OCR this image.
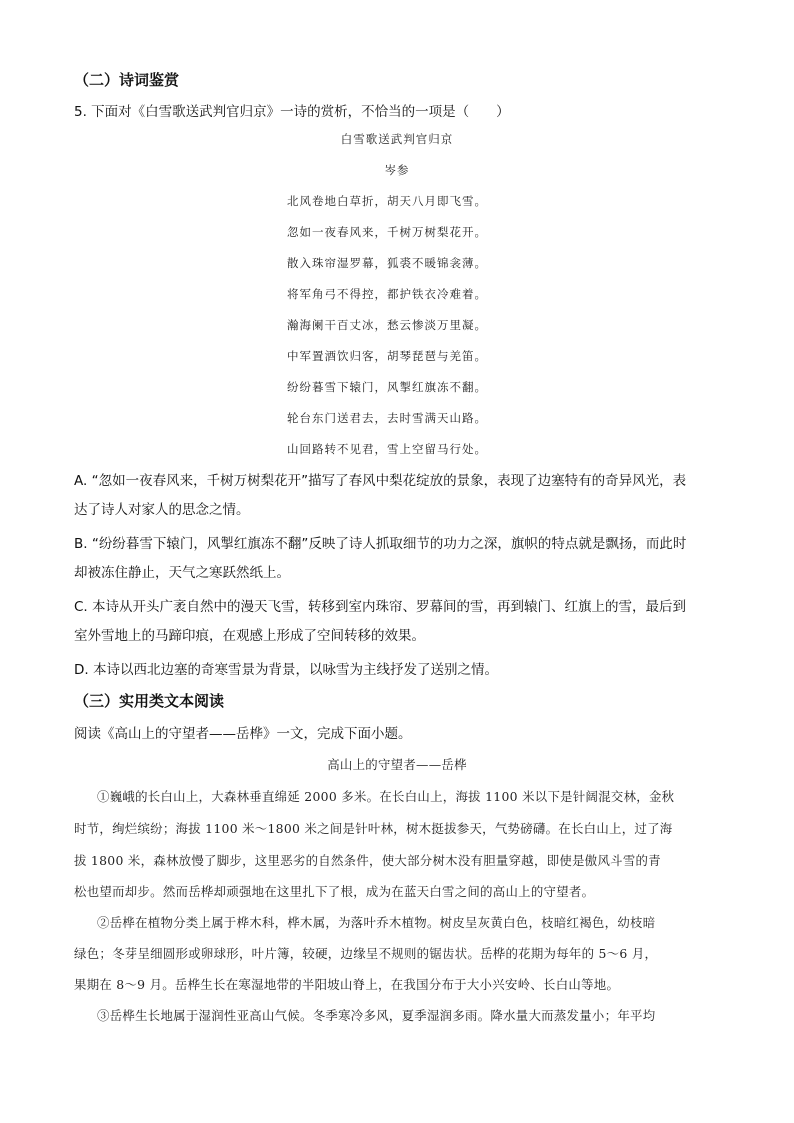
（二）诗词鉴赏
5. 下面对《白雪歌送武判官归京》一诗的赏析，不恰当的一项是（　　）
白雪歌送武判官归京
岑参
北风卷地白草折，胡天八月即飞雪。
忽如一夜春风来，千树万树梨花开。
散入珠帘湿罗幕，狐裘不暖锦衾薄。
将军角弓不得控，都护铁衣冷难着。
瀚海阑干百丈冰，愁云惨淡万里凝。
中军置酒饮归客，胡琴琵琶与羌笛。
纷纷暮雪下辕门，风掣红旗冻不翻。
轮台东门送君去，去时雪满天山路。
山回路转不见君，雪上空留马行处。
A. “忽如一夜春风来，千树万树梨花开”描写了春风中梨花绽放的景象，表现了边塞特有的奇异风光，表
达了诗人对家人的思念之情。
B. “纷纷暮雪下辕门，风掣红旗冻不翻”反映了诗人抓取细节的功力之深，旗帜的特点就是飘扬，而此时
却被冻住静止，天气之寒跃然纸上。
C. 本诗从开头广袤自然中的漫天飞雪，转移到室内珠帘、罗幕间的雪，再到辕门、红旗上的雪，最后到
室外雪地上的马蹄印痕，在观感上形成了空间转移的效果。
D. 本诗以西北边塞的奇寒雪景为背景，以咏雪为主线抒发了送别之情。
（三）实用类文本阅读
阅读《高山上的守望者——岳桦》一文，完成下面小题。
高山上的守望者——岳桦
①巍峨的长白山上，大森林垂直绵延 2000 多米。在长白山上，海拔 1100 米以下是针阔混交林，金秋
时节，绚烂缤纷；海拔 1100 米～1800 米之间是针叶林，树木挺拔参天，气势磅礴。在长白山上，过了海
拔 1800 米，森林放慢了脚步，这里恶劣的自然条件，使大部分树木没有胆量穿越，即使是傲风斗雪的青
松也望而却步。然而岳桦却顽强地在这里扎下了根，成为在蓝天白雪之间的高山上的守望者。
②岳桦在植物分类上属于桦木科，桦木属，为落叶乔木植物。树皮呈灰黄白色，枝暗红褐色，幼枝暗
绿色；冬芽呈细圆形或卵球形，叶片簿，较硬，边缘呈不规则的锯齿状。岳桦的花期为每年的 5～6 月，
果期在 8～9 月。岳桦生长在寒湿地带的半阳坡山脊上，在我国分布于大小兴安岭、长白山等地。
③岳桦生长地属于湿润性亚高山气候。冬季寒冷多风，夏季湿润多雨。降水量大而蒸发量小；年平均
